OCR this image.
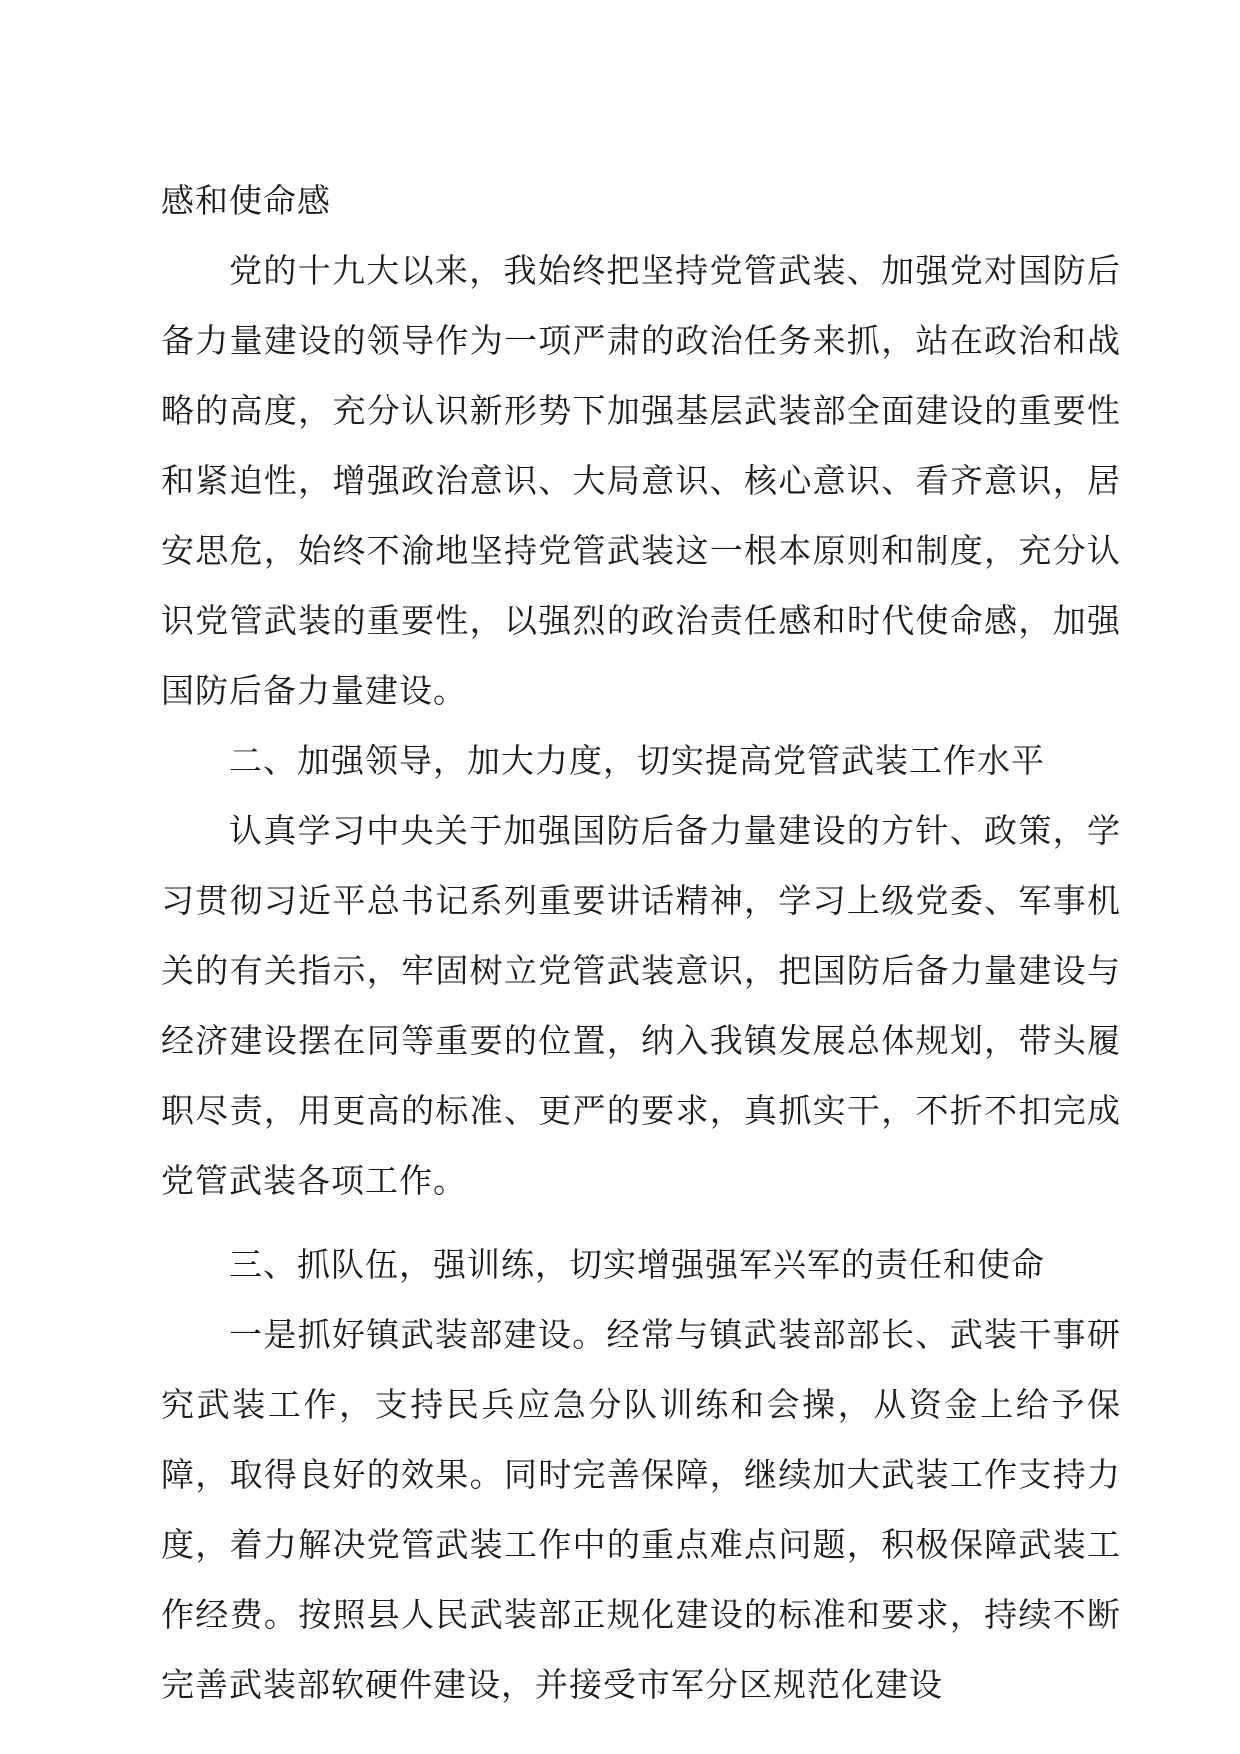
感和使命感

党的十九大以来，我始终把坚持党管武装、加强党对国防后备力量建设的领导作为一项严肃的政治任务来抓，站在政治和战略的高度，充分认识新形势下加强基层武装部全面建设的重要性和紧迫性，增强政治意识、大局意识、核心意识、看齐意识，居安思危，始终不渝地坚持党管武装这一根本原则和制度，充分认识党管武装的重要性，以强烈的政治责任感和时代使命感，加强国防后备力量建设。

二、加强领导，加大力度，切实提高党管武装工作水平

认真学习中央关于加强国防后备力量建设的方针、政策，学习贯彻习近平总书记系列重要讲话精神，学习上级党委、军事机关的有关指示，牢固树立党管武装意识，把国防后备力量建设与经济建设摆在同等重要的位置，纳入我镇发展总体规划，带头履职尽责，用更高的标准、更严的要求，真抓实干，不折不扣完成党管武装各项工作。

三、抓队伍，强训练，切实增强强军兴军的责任和使命

一是抓好镇武装部建设。经常与镇武装部部长、武装干事研究武装工作，支持民兵应急分队训练和会操，从资金上给予保障，取得良好的效果。同时完善保障，继续加大武装工作支持力度，着力解决党管武装工作中的重点难点问题，积极保障武装工作经费。按照县人民武装部正规化建设的标准和要求，持续不断完善武装部软硬件建设，并接受市军分区规范化建设
